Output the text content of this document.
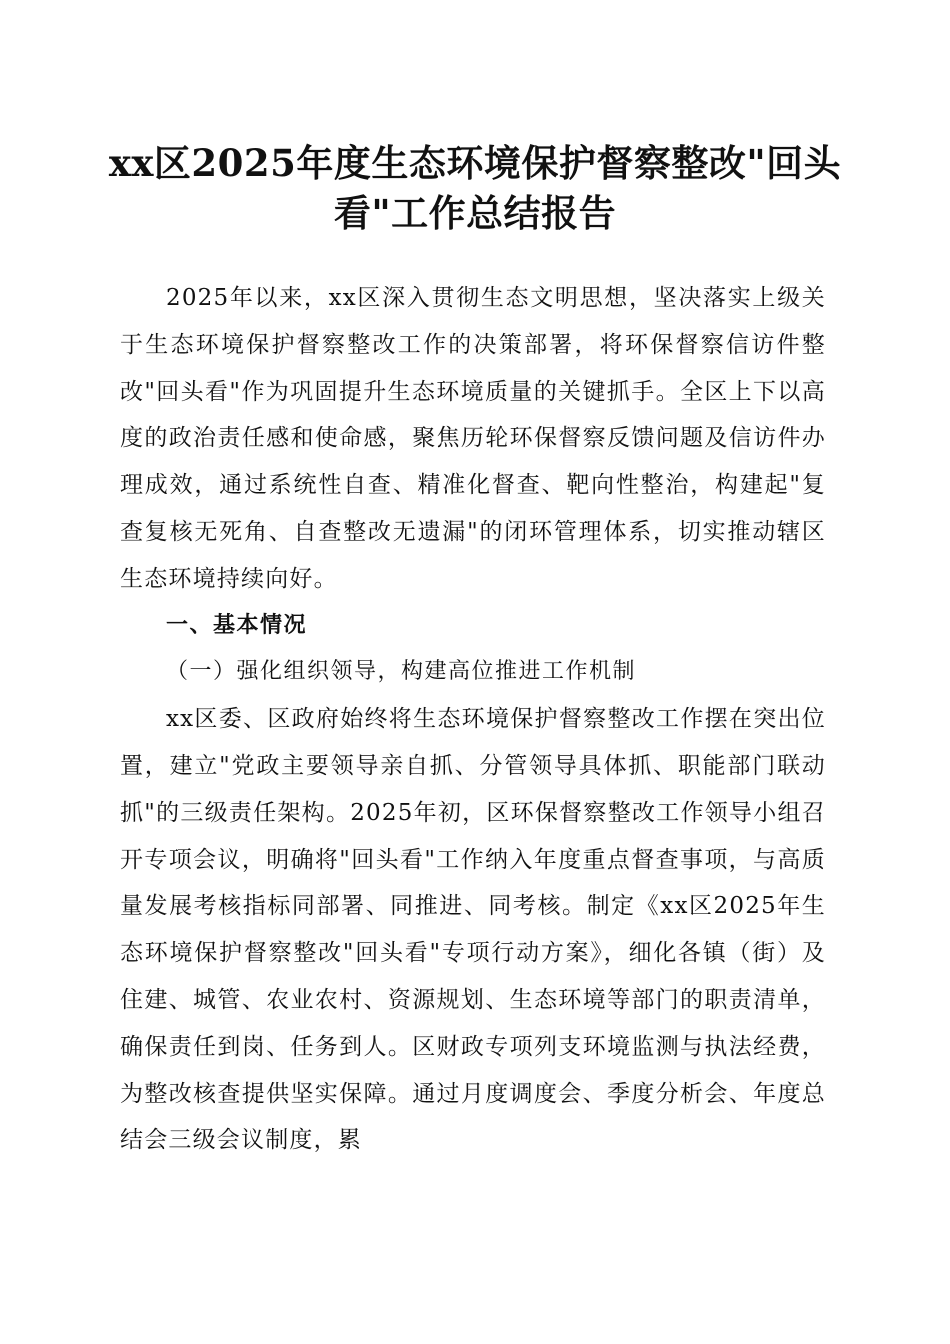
xx区2025年度生态环境保护督察整改"回头
看"工作总结报告

2025年以来，xx区深入贯彻生态文明思想，坚决落实上级关于生态环境保护督察整改工作的决策部署，将环保督察信访件整改"回头看"作为巩固提升生态环境质量的关键抓手。全区上下以高度的政治责任感和使命感，聚焦历轮环保督察反馈问题及信访件办理成效，通过系统性自查、精准化督查、靶向性整治，构建起"复查复核无死角、自查整改无遗漏"的闭环管理体系，切实推动辖区生态环境持续向好。

一、基本情况

（一）强化组织领导，构建高位推进工作机制

xx区委、区政府始终将生态环境保护督察整改工作摆在突出位置，建立"党政主要领导亲自抓、分管领导具体抓、职能部门联动抓"的三级责任架构。2025年初，区环保督察整改工作领导小组召开专项会议，明确将"回头看"工作纳入年度重点督查事项，与高质量发展考核指标同部署、同推进、同考核。制定《xx区2025年生态环境保护督察整改"回头看"专项行动方案》，细化各镇（街）及住建、城管、农业农村、资源规划、生态环境等部门的职责清单，确保责任到岗、任务到人。区财政专项列支环境监测与执法经费，为整改核查提供坚实保障。通过月度调度会、季度分析会、年度总结会三级会议制度，累
